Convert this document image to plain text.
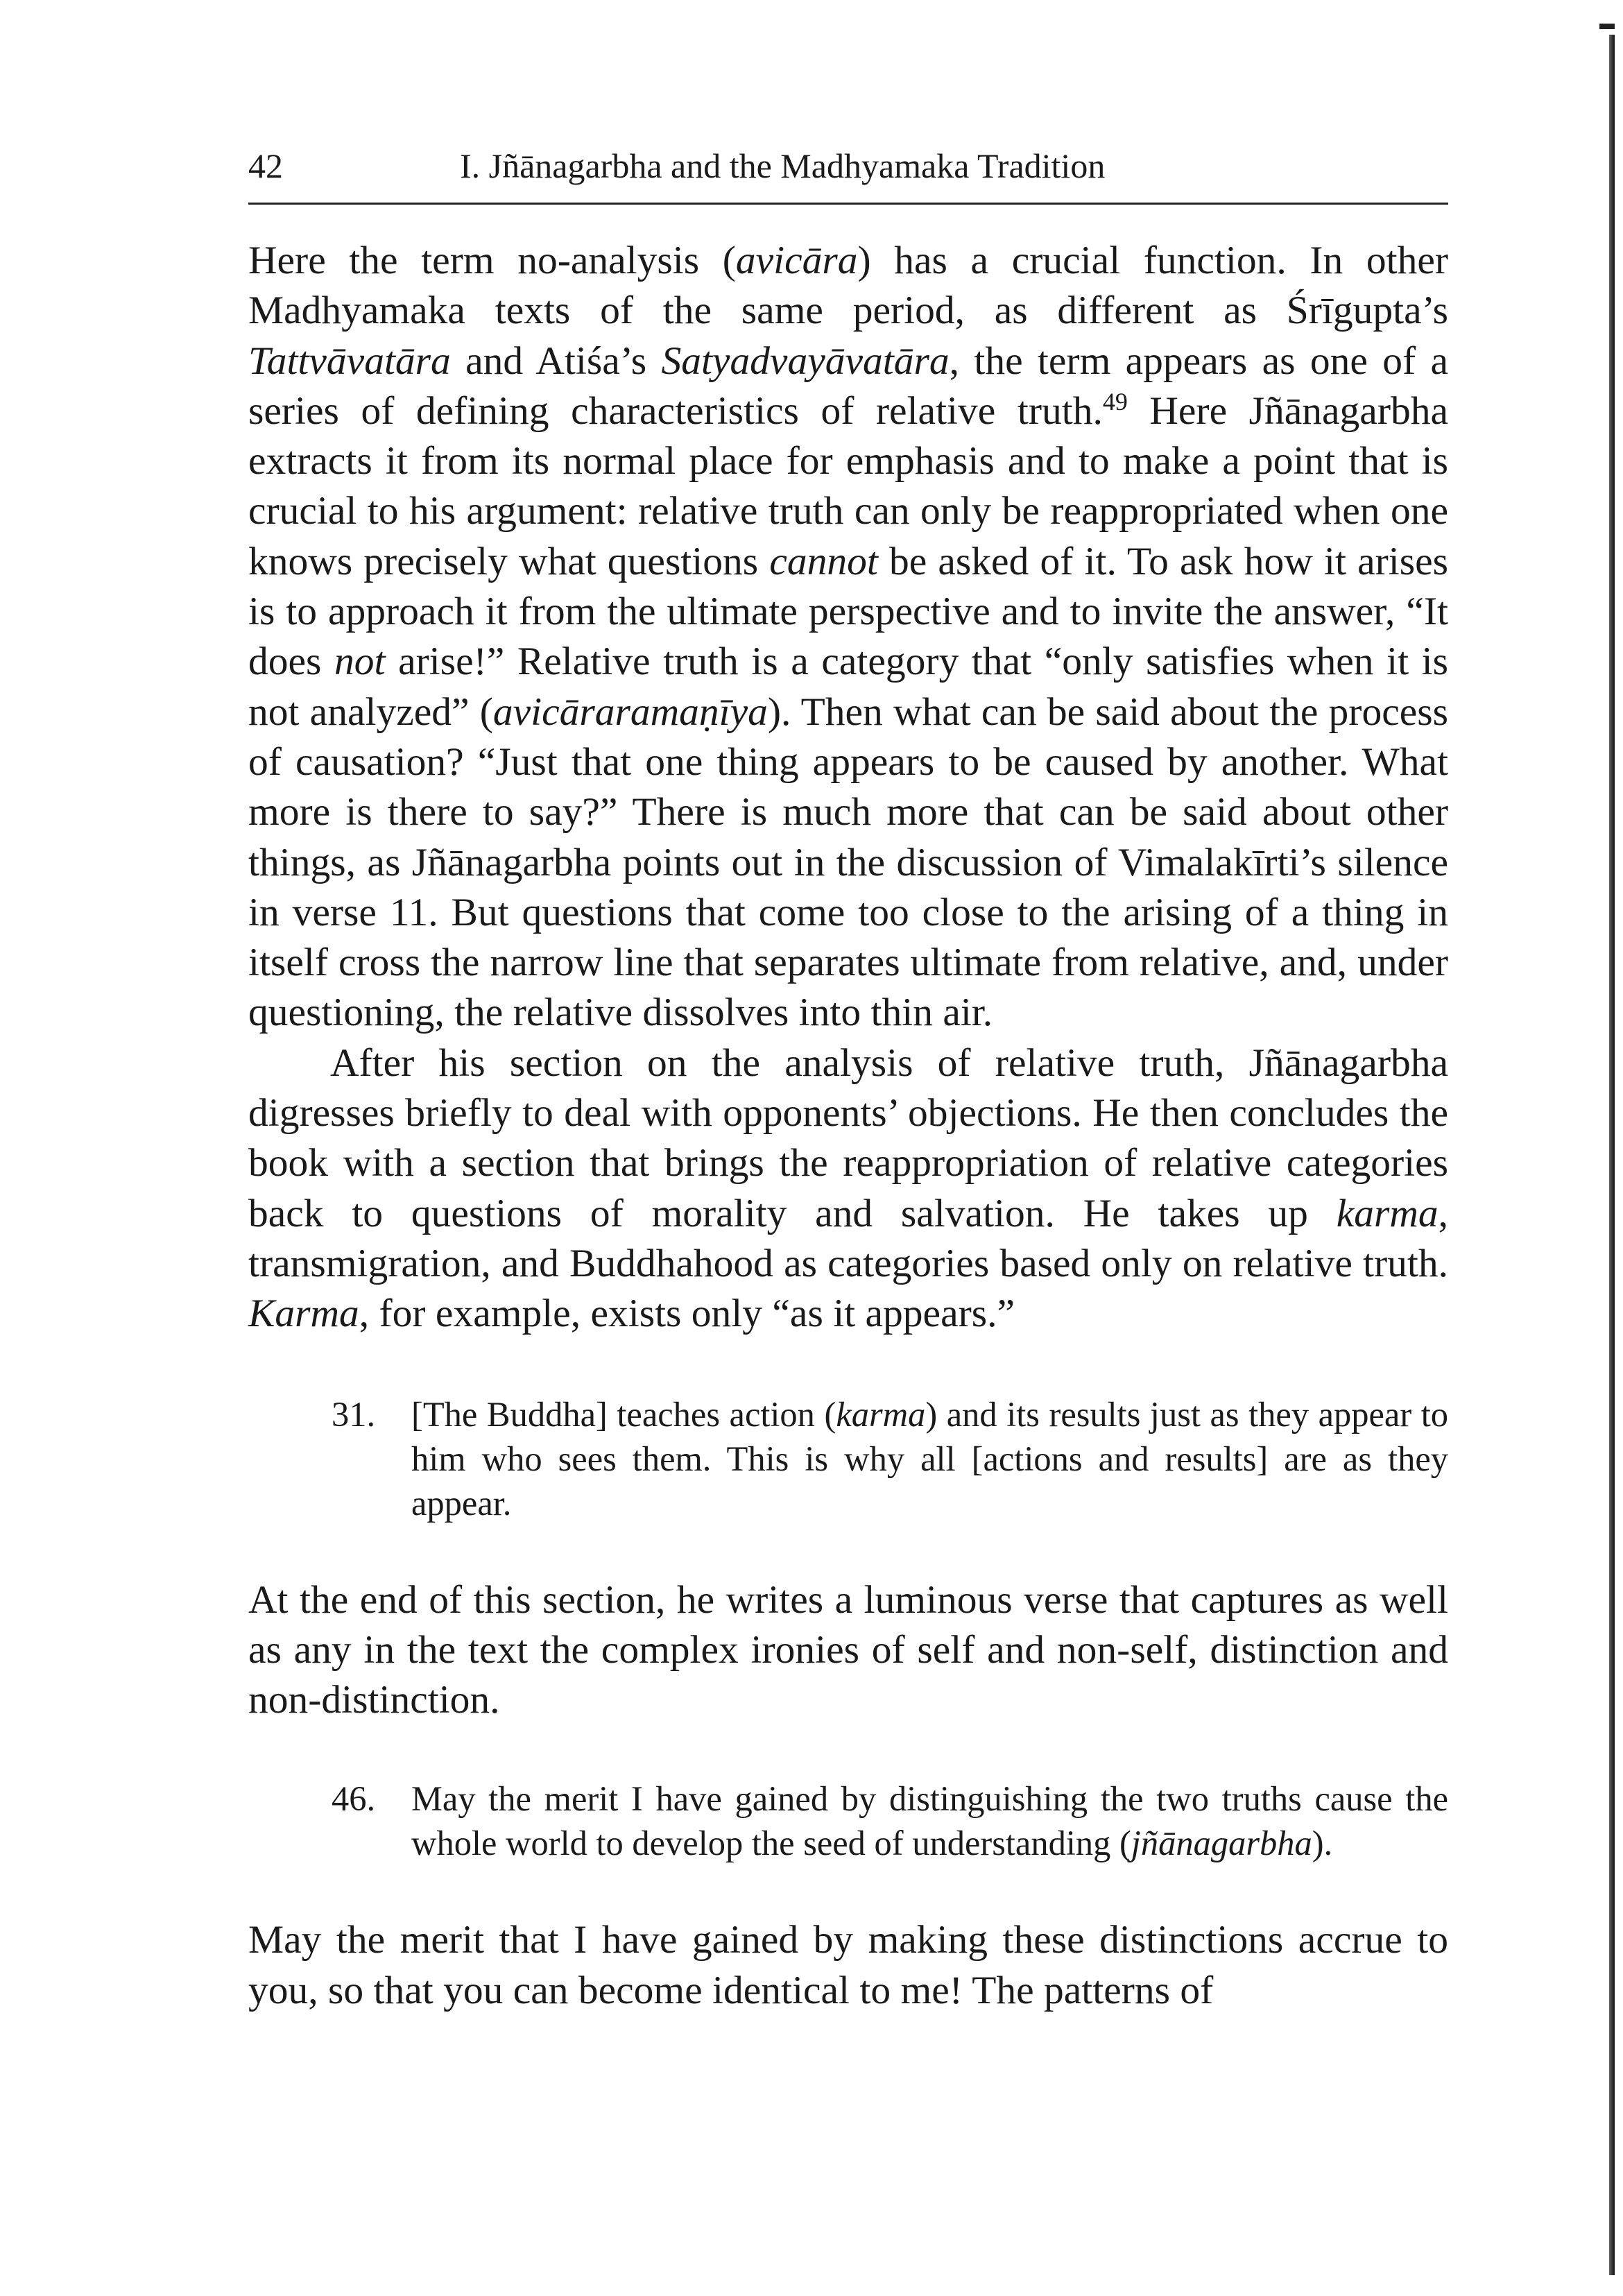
42	I. Jñānagarbha and the Madhyamaka Tradition

Here the term no-analysis (avicāra) has a crucial function. In other Madhyamaka texts of the same period, as different as Śrīgupta’s Tattvāvatāra and Atiśa’s Satyadvayāvatāra, the term appears as one of a series of defining characteristics of relative truth.$^{49}$ Here Jñānagarbha extracts it from its normal place for emphasis and to make a point that is crucial to his argument: relative truth can only be reappropriated when one knows precisely what questions cannot be asked of it. To ask how it arises is to approach it from the ultimate perspective and to invite the answer, “It does not arise!” Relative truth is a category that “only satisfies when it is not analyzed” (avicāraramaṇīya). Then what can be said about the process of causation? “Just that one thing appears to be caused by another. What more is there to say?” There is much more that can be said about other things, as Jñānagarbha points out in the discussion of Vimalakīrti’s silence in verse 11. But questions that come too close to the arising of a thing in itself cross the narrow line that separates ultimate from relative, and, under questioning, the relative dissolves into thin air.

After his section on the analysis of relative truth, Jñānagarbha digresses briefly to deal with opponents’ objections. He then concludes the book with a section that brings the reappropriation of relative categories back to questions of morality and salvation. He takes up karma, transmigration, and Buddhahood as categories based only on relative truth. Karma, for example, exists only “as it appears.”

31. [The Buddha] teaches action (karma) and its results just as they appear to him who sees them. This is why all [actions and results] are as they appear.

At the end of this section, he writes a luminous verse that captures as well as any in the text the complex ironies of self and non-self, distinction and non-distinction.

46. May the merit I have gained by distinguishing the two truths cause the whole world to develop the seed of understanding (jñānagarbha).

May the merit that I have gained by making these distinctions accrue to you, so that you can become identical to me! The patterns of
